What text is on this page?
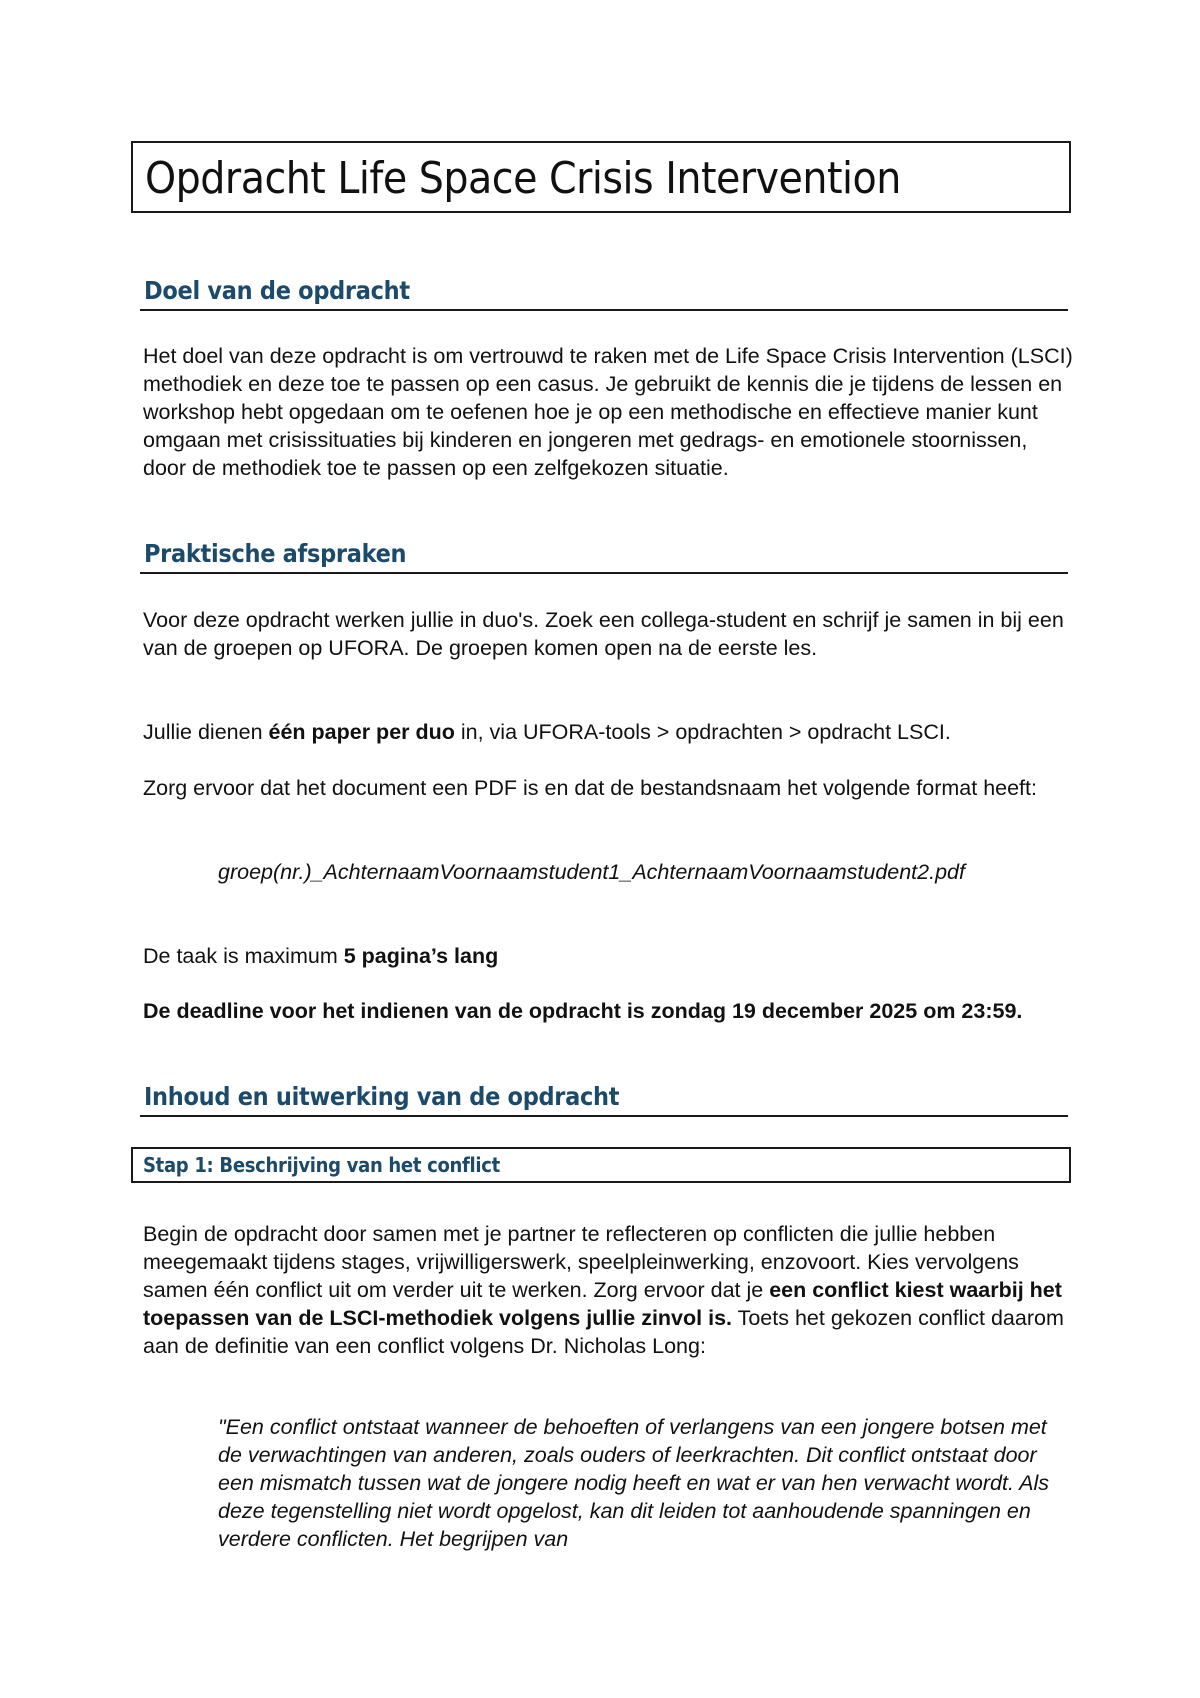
Opdracht Life Space Crisis Intervention
Doel van de opdracht

Het doel van deze opdracht is om vertrouwd te raken met de Life Space Crisis Intervention (LSCI) methodiek en deze toe te passen op een casus. Je gebruikt de kennis die je tijdens de lessen en workshop hebt opgedaan om te oefenen hoe je op een methodische en effectieve manier kunt omgaan met crisissituaties bij kinderen en jongeren met gedrags- en emotionele stoornissen, door de methodiek toe te passen op een zelfgekozen situatie.

Praktische afspraken

Voor deze opdracht werken jullie in duo's. Zoek een collega-student en schrijf je samen in bij een van de groepen op UFORA. De groepen komen open na de eerste les.

Jullie dienen één paper per duo in, via UFORA-tools > opdrachten > opdracht LSCI.

Zorg ervoor dat het document een PDF is en dat de bestandsnaam het volgende format heeft:

groep(nr.)_AchternaamVoornaamstudent1_AchternaamVoornaamstudent2.pdf

De taak is maximum 5 pagina’s lang

De deadline voor het indienen van de opdracht is zondag 19 december 2025 om 23:59.

Inhoud en uitwerking van de opdracht
Stap 1: Beschrijving van het conflict

Begin de opdracht door samen met je partner te reflecteren op conflicten die jullie hebben meegemaakt tijdens stages, vrijwilligerswerk, speelpleinwerking, enzovoort. Kies vervolgens samen één conflict uit om verder uit te werken. Zorg ervoor dat je een conflict kiest waarbij het toepassen van de LSCI-methodiek volgens jullie zinvol is. Toets het gekozen conflict daarom aan de definitie van een conflict volgens Dr. Nicholas Long:

"Een conflict ontstaat wanneer de behoeften of verlangens van een jongere botsen met de verwachtingen van anderen, zoals ouders of leerkrachten. Dit conflict ontstaat door een mismatch tussen wat de jongere nodig heeft en wat er van hen verwacht wordt. Als deze tegenstelling niet wordt opgelost, kan dit leiden tot aanhoudende spanningen en verdere conflicten. Het begrijpen van
